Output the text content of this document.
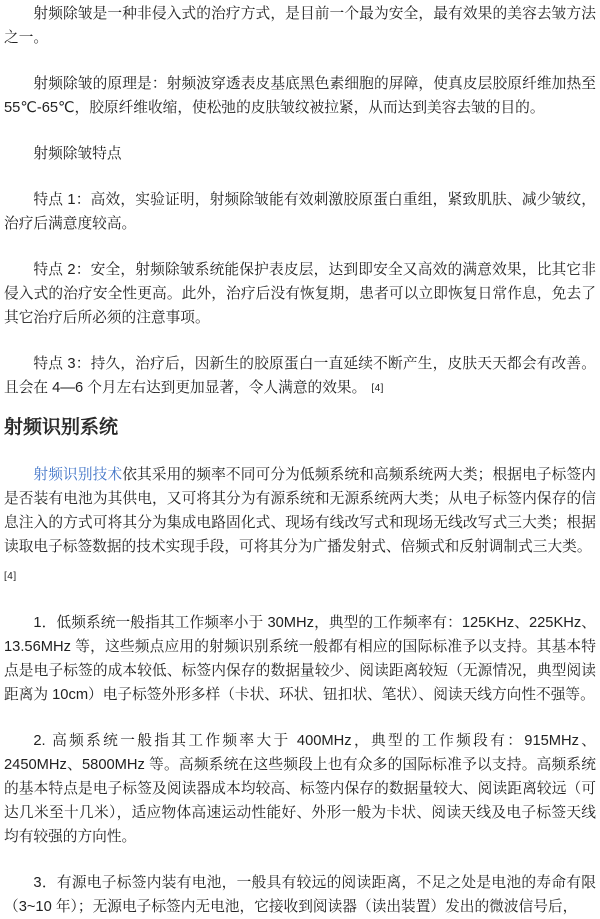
射频除皱是一种非侵入式的治疗方式，是目前一个最为安全，最有效果的美容去皱方法之一。

射频除皱的原理是：射频波穿透表皮基底黑色素细胞的屏障，使真皮层胶原纤维加热至55℃-65℃，胶原纤维收缩，使松弛的皮肤皱纹被拉紧，从而达到美容去皱的目的。

射频除皱特点

特点 1：高效，实验证明，射频除皱能有效刺激胶原蛋白重组，紧致肌肤、减少皱纹，治疗后满意度较高。

特点 2：安全，射频除皱系统能保护表皮层，达到即安全又高效的满意效果，比其它非侵入式的治疗安全性更高。此外，治疗后没有恢复期，患者可以立即恢复日常作息，免去了其它治疗后所必须的注意事项。

特点 3：持久，治疗后，因新生的胶原蛋白一直延续不断产生，皮肤天天都会有改善。且会在 4—6 个月左右达到更加显著，令人满意的效果。 [4]

射频识别系统

射频识别技术依其采用的频率不同可分为低频系统和高频系统两大类；根据电子标签内是否装有电池为其供电，又可将其分为有源系统和无源系统两大类；从电子标签内保存的信息注入的方式可将其分为集成电路固化式、现场有线改写式和现场无线改写式三大类；根据读取电子标签数据的技术实现手段，可将其分为广播发射式、倍频式和反射调制式三大类。

[4]

1．低频系统一般指其工作频率小于 30MHz，典型的工作频率有：125KHz、225KHz、13.56MHz 等，这些频点应用的射频识别系统一般都有相应的国际标准予以支持。其基本特点是电子标签的成本较低、标签内保存的数据量较少、阅读距离较短（无源情况，典型阅读距离为 10cm）电子标签外形多样（卡状、环状、钮扣状、笔状）、阅读天线方向性不强等。

2. 高频系统一般指其工作频率大于 400MHz，典型的工作频段有：915MHz、2450MHz、5800MHz 等。高频系统在这些频段上也有众多的国际标准予以支持。高频系统的基本特点是电子标签及阅读器成本均较高、标签内保存的数据量较大、阅读距离较远（可达几米至十几米），适应物体高速运动性能好、外形一般为卡状、阅读天线及电子标签天线均有较强的方向性。

3．有源电子标签内装有电池，一般具有较远的阅读距离，不足之处是电池的寿命有限（3~10 年）；无源电子标签内无电池，它接收到阅读器（读出装置）发出的微波信号后，
